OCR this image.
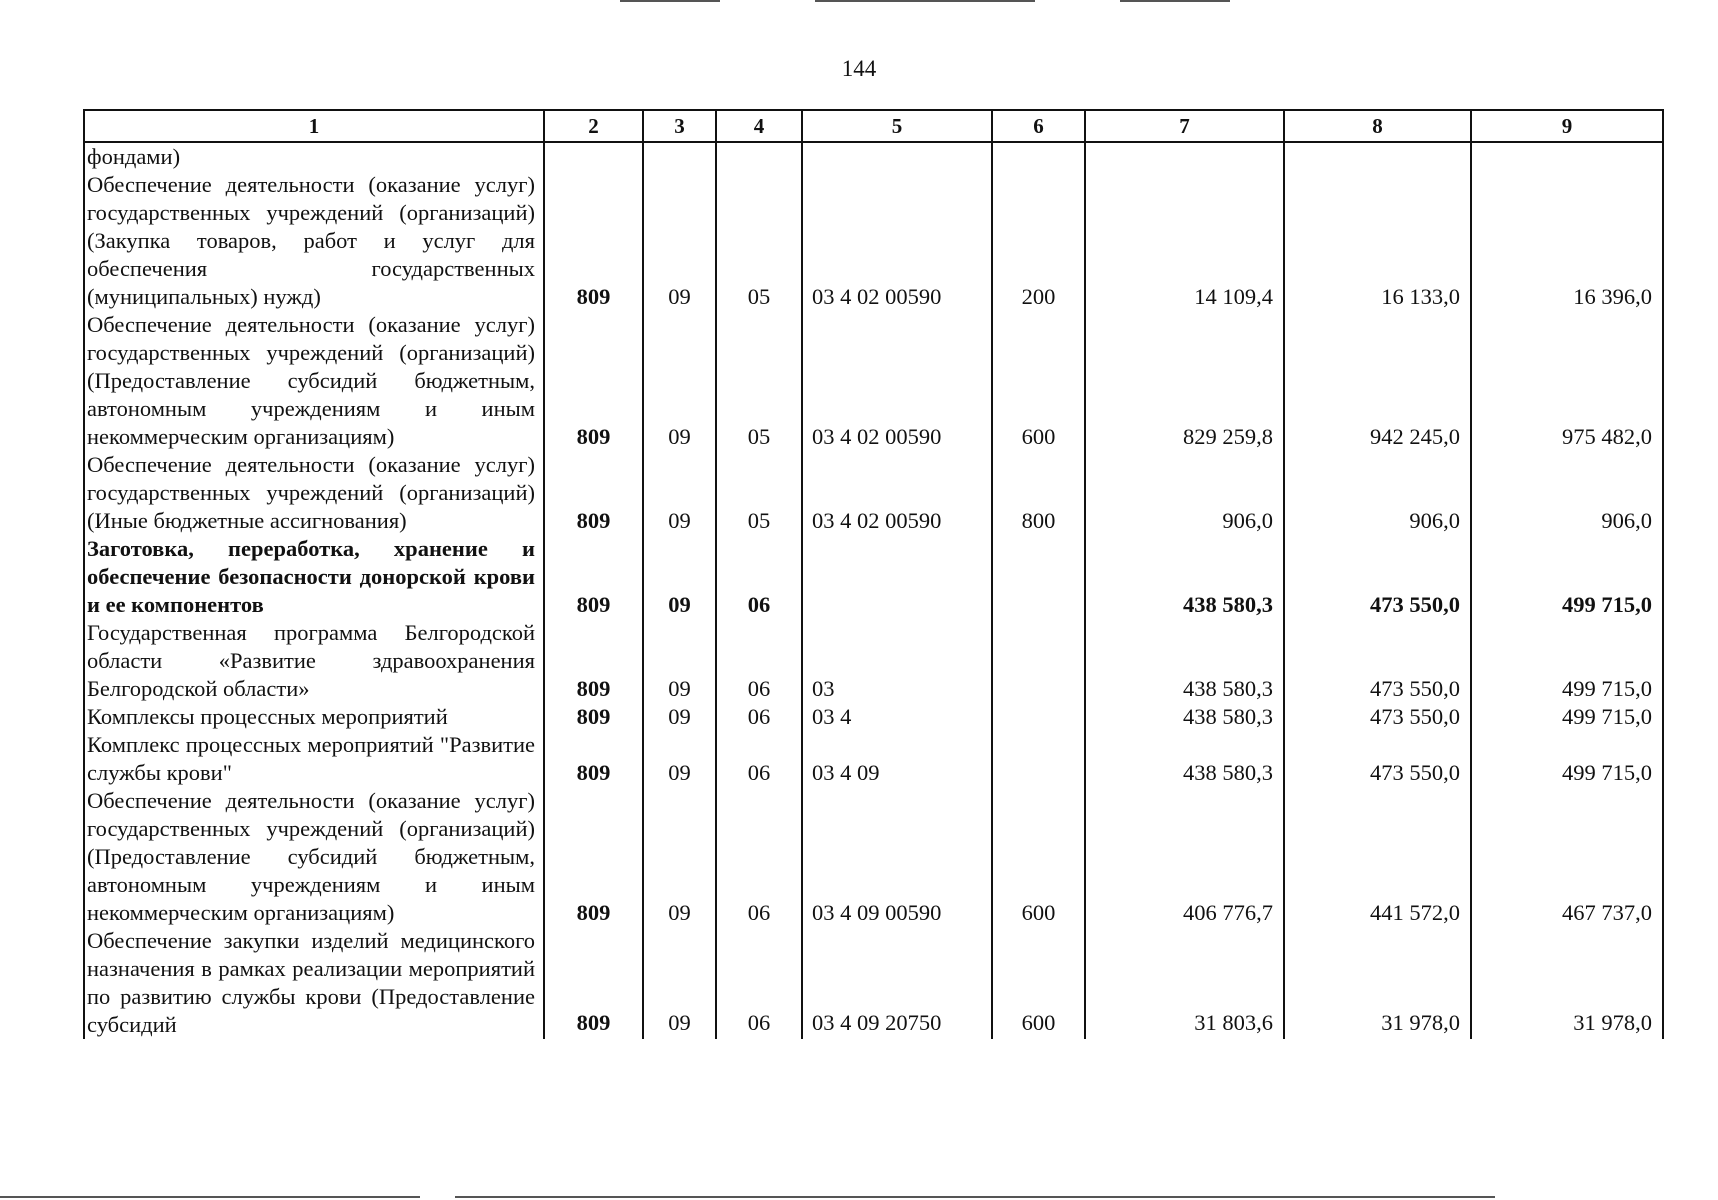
144
1	2	3	4	5	6	7	8	9
фондами)								
Обеспечение деятельности (оказание услуг) государственных учреждений (организаций) (Закупка товаров, работ и услуг для обеспечения государственных (муниципальных) нужд)	809	09	05	03 4 02 00590	200	14 109,4	16 133,0	16 396,0
Обеспечение деятельности (оказание услуг) государственных учреждений (организаций) (Предоставление субсидий бюджетным, автономным учреждениям и иным некоммерческим организациям)	809	09	05	03 4 02 00590	600	829 259,8	942 245,0	975 482,0
Обеспечение деятельности (оказание услуг) государственных учреждений (организаций) (Иные бюджетные ассигнования)	809	09	05	03 4 02 00590	800	906,0	906,0	906,0
Заготовка, переработка, хранение и обеспечение безопасности донорской крови и ее компонентов	809	09	06			438 580,3	473 550,0	499 715,0
Государственная программа Белгородской области «Развитие здравоохранения Белгородской области»	809	09	06	03		438 580,3	473 550,0	499 715,0
Комплексы процессных мероприятий	809	09	06	03 4		438 580,3	473 550,0	499 715,0
Комплекс процессных мероприятий "Развитие службы крови"	809	09	06	03 4 09		438 580,3	473 550,0	499 715,0
Обеспечение деятельности (оказание услуг) государственных учреждений (организаций) (Предоставление субсидий бюджетным, автономным учреждениям и иным некоммерческим организациям)	809	09	06	03 4 09 00590	600	406 776,7	441 572,0	467 737,0
Обеспечение закупки изделий медицинского назначения в рамках реализации мероприятий по развитию службы крови (Предоставление субсидий	809	09	06	03 4 09 20750	600	31 803,6	31 978,0	31 978,0
